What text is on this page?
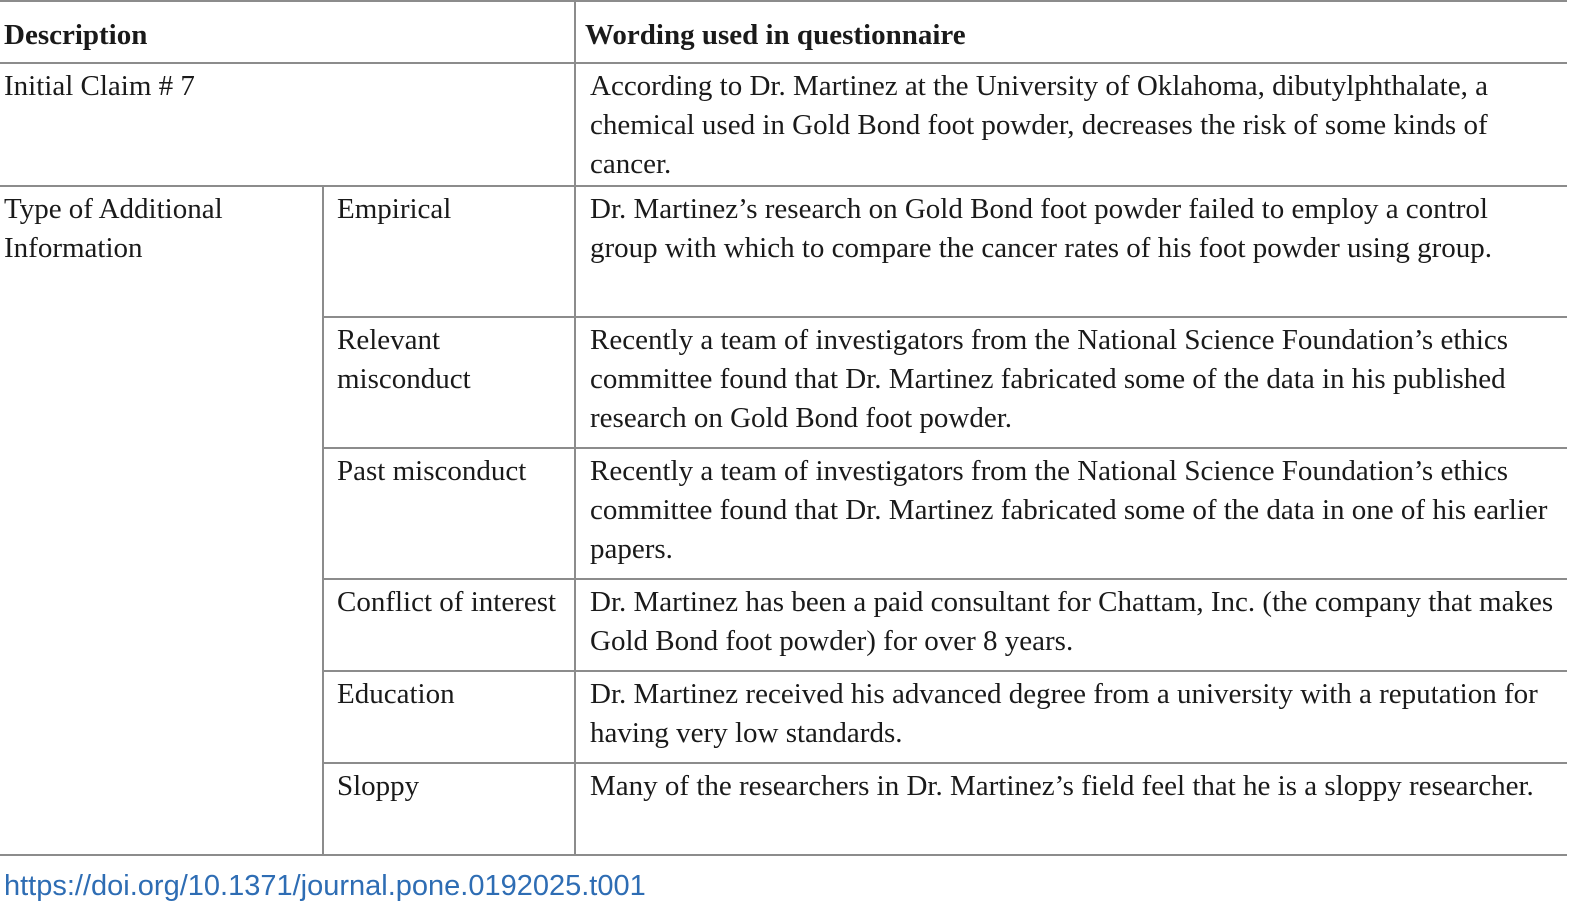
Description		Wording used in questionnaire
Initial Claim # 7		According to Dr. Martinez at the University of Oklahoma, dibutylphthalate, a chemical used in Gold Bond foot powder, decreases the risk of some kinds of cancer.
Type of Additional Information	Empirical	Dr. Martinez’s research on Gold Bond foot powder failed to employ a control group with which to compare the cancer rates of his foot powder using group.
	Relevant misconduct	Recently a team of investigators from the National Science Foundation’s ethics committee found that Dr. Martinez fabricated some of the data in his published research on Gold Bond foot powder.
	Past misconduct	Recently a team of investigators from the National Science Foundation’s ethics committee found that Dr. Martinez fabricated some of the data in one of his earlier papers.
	Conflict of interest	Dr. Martinez has been a paid consultant for Chattam, Inc. (the company that makes Gold Bond foot powder) for over 8 years.
	Education	Dr. Martinez received his advanced degree from a university with a reputation for having very low standards.
	Sloppy	Many of the researchers in Dr. Martinez’s field feel that he is a sloppy researcher.
https://doi.org/10.1371/journal.pone.0192025.t001
